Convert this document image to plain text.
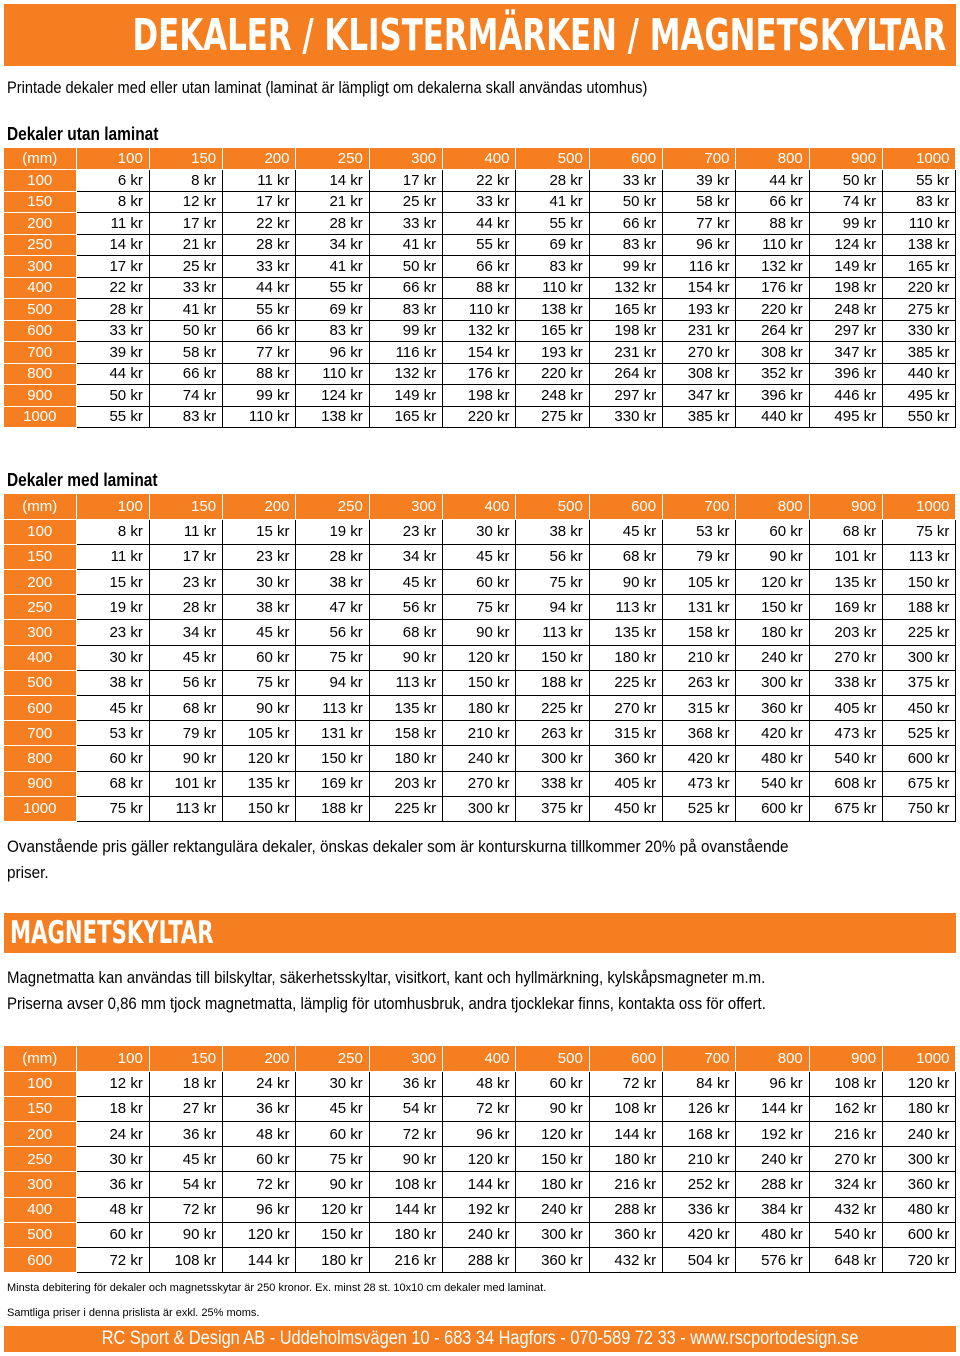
DEKALER / KLISTERMÄRKEN / MAGNETSKYLTAR
Printade dekaler med eller utan laminat (laminat är lämpligt om dekalerna skall användas utomhus)
Dekaler utan laminat
(mm)	100	150	200	250	300	400	500	600	700	800	900	1000
100	6 kr	8 kr	11 kr	14 kr	17 kr	22 kr	28 kr	33 kr	39 kr	44 kr	50 kr	55 kr
150	8 kr	12 kr	17 kr	21 kr	25 kr	33 kr	41 kr	50 kr	58 kr	66 kr	74 kr	83 kr
200	11 kr	17 kr	22 kr	28 kr	33 kr	44 kr	55 kr	66 kr	77 kr	88 kr	99 kr	110 kr
250	14 kr	21 kr	28 kr	34 kr	41 kr	55 kr	69 kr	83 kr	96 kr	110 kr	124 kr	138 kr
300	17 kr	25 kr	33 kr	41 kr	50 kr	66 kr	83 kr	99 kr	116 kr	132 kr	149 kr	165 kr
400	22 kr	33 kr	44 kr	55 kr	66 kr	88 kr	110 kr	132 kr	154 kr	176 kr	198 kr	220 kr
500	28 kr	41 kr	55 kr	69 kr	83 kr	110 kr	138 kr	165 kr	193 kr	220 kr	248 kr	275 kr
600	33 kr	50 kr	66 kr	83 kr	99 kr	132 kr	165 kr	198 kr	231 kr	264 kr	297 kr	330 kr
700	39 kr	58 kr	77 kr	96 kr	116 kr	154 kr	193 kr	231 kr	270 kr	308 kr	347 kr	385 kr
800	44 kr	66 kr	88 kr	110 kr	132 kr	176 kr	220 kr	264 kr	308 kr	352 kr	396 kr	440 kr
900	50 kr	74 kr	99 kr	124 kr	149 kr	198 kr	248 kr	297 kr	347 kr	396 kr	446 kr	495 kr
1000	55 kr	83 kr	110 kr	138 kr	165 kr	220 kr	275 kr	330 kr	385 kr	440 kr	495 kr	550 kr
Dekaler med laminat
(mm)	100	150	200	250	300	400	500	600	700	800	900	1000
100	8 kr	11 kr	15 kr	19 kr	23 kr	30 kr	38 kr	45 kr	53 kr	60 kr	68 kr	75 kr
150	11 kr	17 kr	23 kr	28 kr	34 kr	45 kr	56 kr	68 kr	79 kr	90 kr	101 kr	113 kr
200	15 kr	23 kr	30 kr	38 kr	45 kr	60 kr	75 kr	90 kr	105 kr	120 kr	135 kr	150 kr
250	19 kr	28 kr	38 kr	47 kr	56 kr	75 kr	94 kr	113 kr	131 kr	150 kr	169 kr	188 kr
300	23 kr	34 kr	45 kr	56 kr	68 kr	90 kr	113 kr	135 kr	158 kr	180 kr	203 kr	225 kr
400	30 kr	45 kr	60 kr	75 kr	90 kr	120 kr	150 kr	180 kr	210 kr	240 kr	270 kr	300 kr
500	38 kr	56 kr	75 kr	94 kr	113 kr	150 kr	188 kr	225 kr	263 kr	300 kr	338 kr	375 kr
600	45 kr	68 kr	90 kr	113 kr	135 kr	180 kr	225 kr	270 kr	315 kr	360 kr	405 kr	450 kr
700	53 kr	79 kr	105 kr	131 kr	158 kr	210 kr	263 kr	315 kr	368 kr	420 kr	473 kr	525 kr
800	60 kr	90 kr	120 kr	150 kr	180 kr	240 kr	300 kr	360 kr	420 kr	480 kr	540 kr	600 kr
900	68 kr	101 kr	135 kr	169 kr	203 kr	270 kr	338 kr	405 kr	473 kr	540 kr	608 kr	675 kr
1000	75 kr	113 kr	150 kr	188 kr	225 kr	300 kr	375 kr	450 kr	525 kr	600 kr	675 kr	750 kr
Ovanstående pris gäller rektangulära dekaler, önskas dekaler som är konturskurna tillkommer 20% på ovanstående priser.
MAGNETSKYLTAR
Magnetmatta kan användas till bilskyltar, säkerhetsskyltar, visitkort, kant och hyllmärkning, kylskåpsmagneter m.m.
Priserna avser 0,86 mm tjock magnetmatta, lämplig för utomhusbruk, andra tjocklekar finns, kontakta oss för offert.
(mm)	100	150	200	250	300	400	500	600	700	800	900	1000
100	12 kr	18 kr	24 kr	30 kr	36 kr	48 kr	60 kr	72 kr	84 kr	96 kr	108 kr	120 kr
150	18 kr	27 kr	36 kr	45 kr	54 kr	72 kr	90 kr	108 kr	126 kr	144 kr	162 kr	180 kr
200	24 kr	36 kr	48 kr	60 kr	72 kr	96 kr	120 kr	144 kr	168 kr	192 kr	216 kr	240 kr
250	30 kr	45 kr	60 kr	75 kr	90 kr	120 kr	150 kr	180 kr	210 kr	240 kr	270 kr	300 kr
300	36 kr	54 kr	72 kr	90 kr	108 kr	144 kr	180 kr	216 kr	252 kr	288 kr	324 kr	360 kr
400	48 kr	72 kr	96 kr	120 kr	144 kr	192 kr	240 kr	288 kr	336 kr	384 kr	432 kr	480 kr
500	60 kr	90 kr	120 kr	150 kr	180 kr	240 kr	300 kr	360 kr	420 kr	480 kr	540 kr	600 kr
600	72 kr	108 kr	144 kr	180 kr	216 kr	288 kr	360 kr	432 kr	504 kr	576 kr	648 kr	720 kr
Minsta debitering för dekaler och magnetsskytar är 250 kronor. Ex. minst 28 st. 10x10 cm dekaler med laminat.
Samtliga priser i denna prislista är exkl. 25% moms.
RC Sport & Design AB - Uddeholmsvägen 10 - 683 34 Hagfors - 070-589 72 33 - www.rscportodesign.se
